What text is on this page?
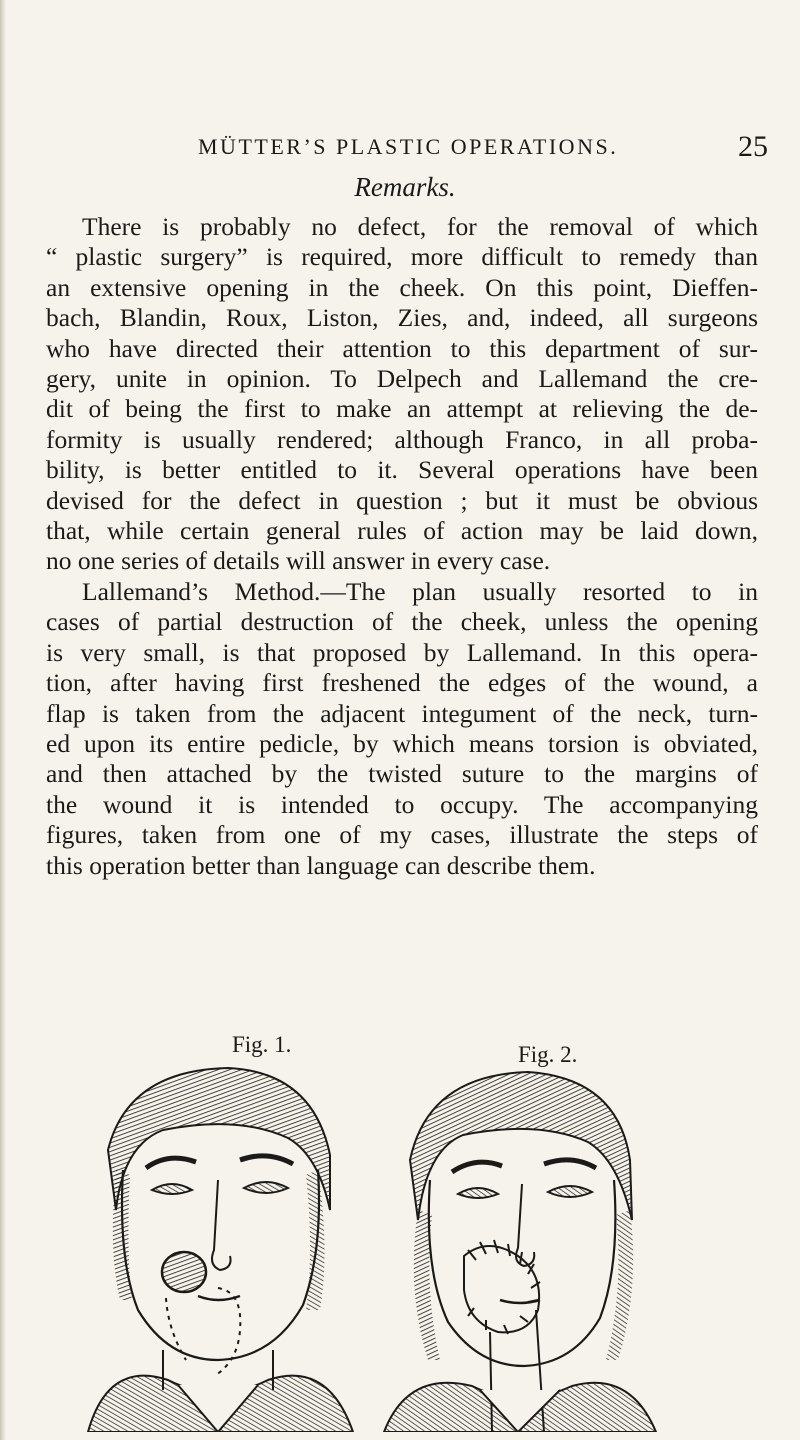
MÜTTER’S PLASTIC OPERATIONS.	25
Remarks.
There is probably no defect, for the removal of which
“ plastic surgery” is required, more difficult to remedy than
an extensive opening in the cheek. On this point, Dieffen-
bach, Blandin, Roux, Liston, Zies, and, indeed, all surgeons
who have directed their attention to this department of sur-
gery, unite in opinion. To Delpech and Lallemand the cre-
dit of being the first to make an attempt at relieving the de-
formity is usually rendered; although Franco, in all proba-
bility, is better entitled to it. Several operations have been
devised for the defect in question ; but it must be obvious
that, while certain general rules of action may be laid down,
no one series of details will answer in every case.
Lallemand’s Method.—The plan usually resorted to in
cases of partial destruction of the cheek, unless the opening
is very small, is that proposed by Lallemand. In this opera-
tion, after having first freshened the edges of the wound, a
flap is taken from the adjacent integument of the neck, turn-
ed upon its entire pedicle, by which means torsion is obviated,
and then attached by the twisted suture to the margins of
the wound it is intended to occupy. The accompanying
figures, taken from one of my cases, illustrate the steps of
this operation better than language can describe them.
Fig. 1.	Fig. 2.
